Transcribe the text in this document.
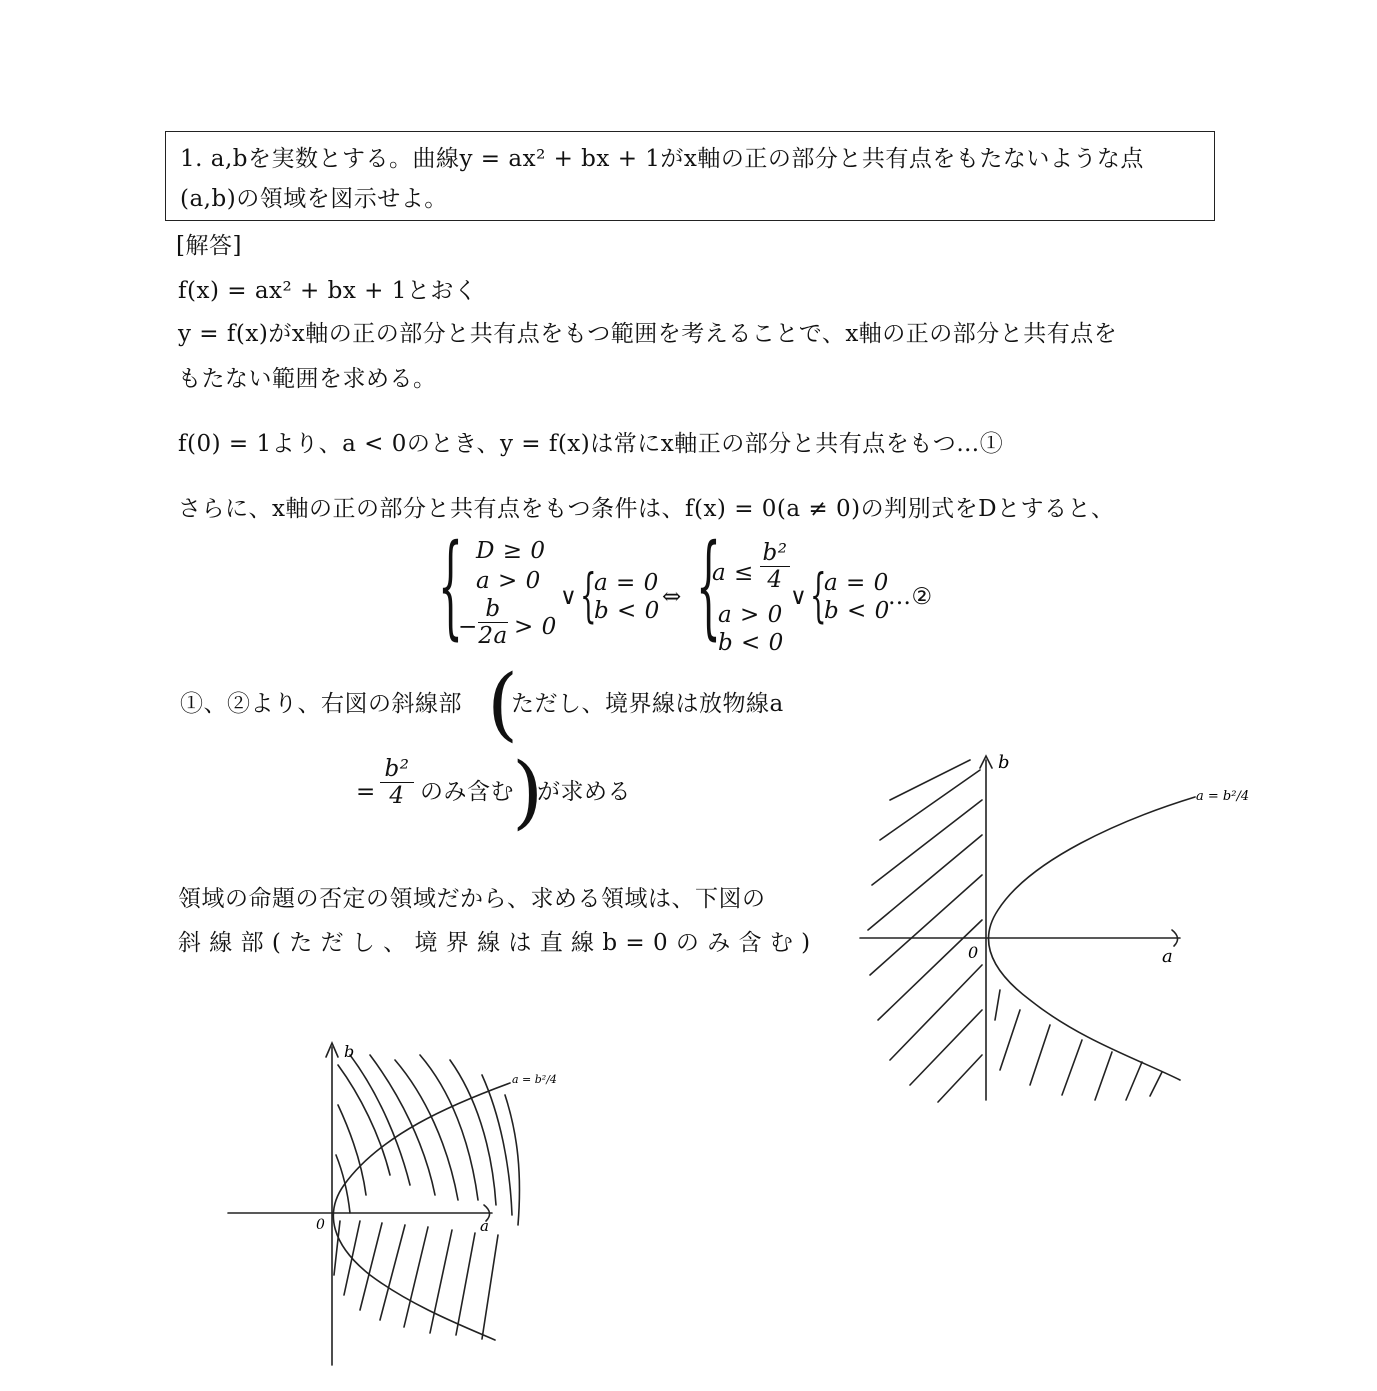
1. a,bを実数とする。曲線y = ax² + bx + 1がx軸の正の部分と共有点をもたないような点
(a,b)の領域を図示せよ。
[解答]
f(x) = ax² + bx + 1とおく
y = f(x)がx軸の正の部分と共有点をもつ範囲を考えることで、x軸の正の部分と共有点を
もたない範囲を求める。
f(0) = 1より、a < 0のとき、y = f(x)は常にx軸正の部分と共有点をもつ…①
さらに、x軸の正の部分と共有点をもつ条件は、f(x) = 0(a ≠ 0)の判別式をDとすると、
{ D ≥ 0
a > 0
− $\frac{b}{2a} > 0$
∨ {
a = 0
b < 0
⇔ {
$a \le \frac{\text{b²}}{4}$
a > 0
b < 0
∨ {
a = 0
b < 0
…②
①、②より、右図の斜線部 (
ただし、境界線は放物線a
= $\frac{\text{b²}}{4}$ のみ含む
)
が求める
領域の命題の否定の領域だから、求める領域は、下図の
斜 線 部 ( た だ し 、 境 界 線 は 直 線 b = 0 の み 含 む )
b
a
0
a = b²/4
b
a
0
a = b²/4
